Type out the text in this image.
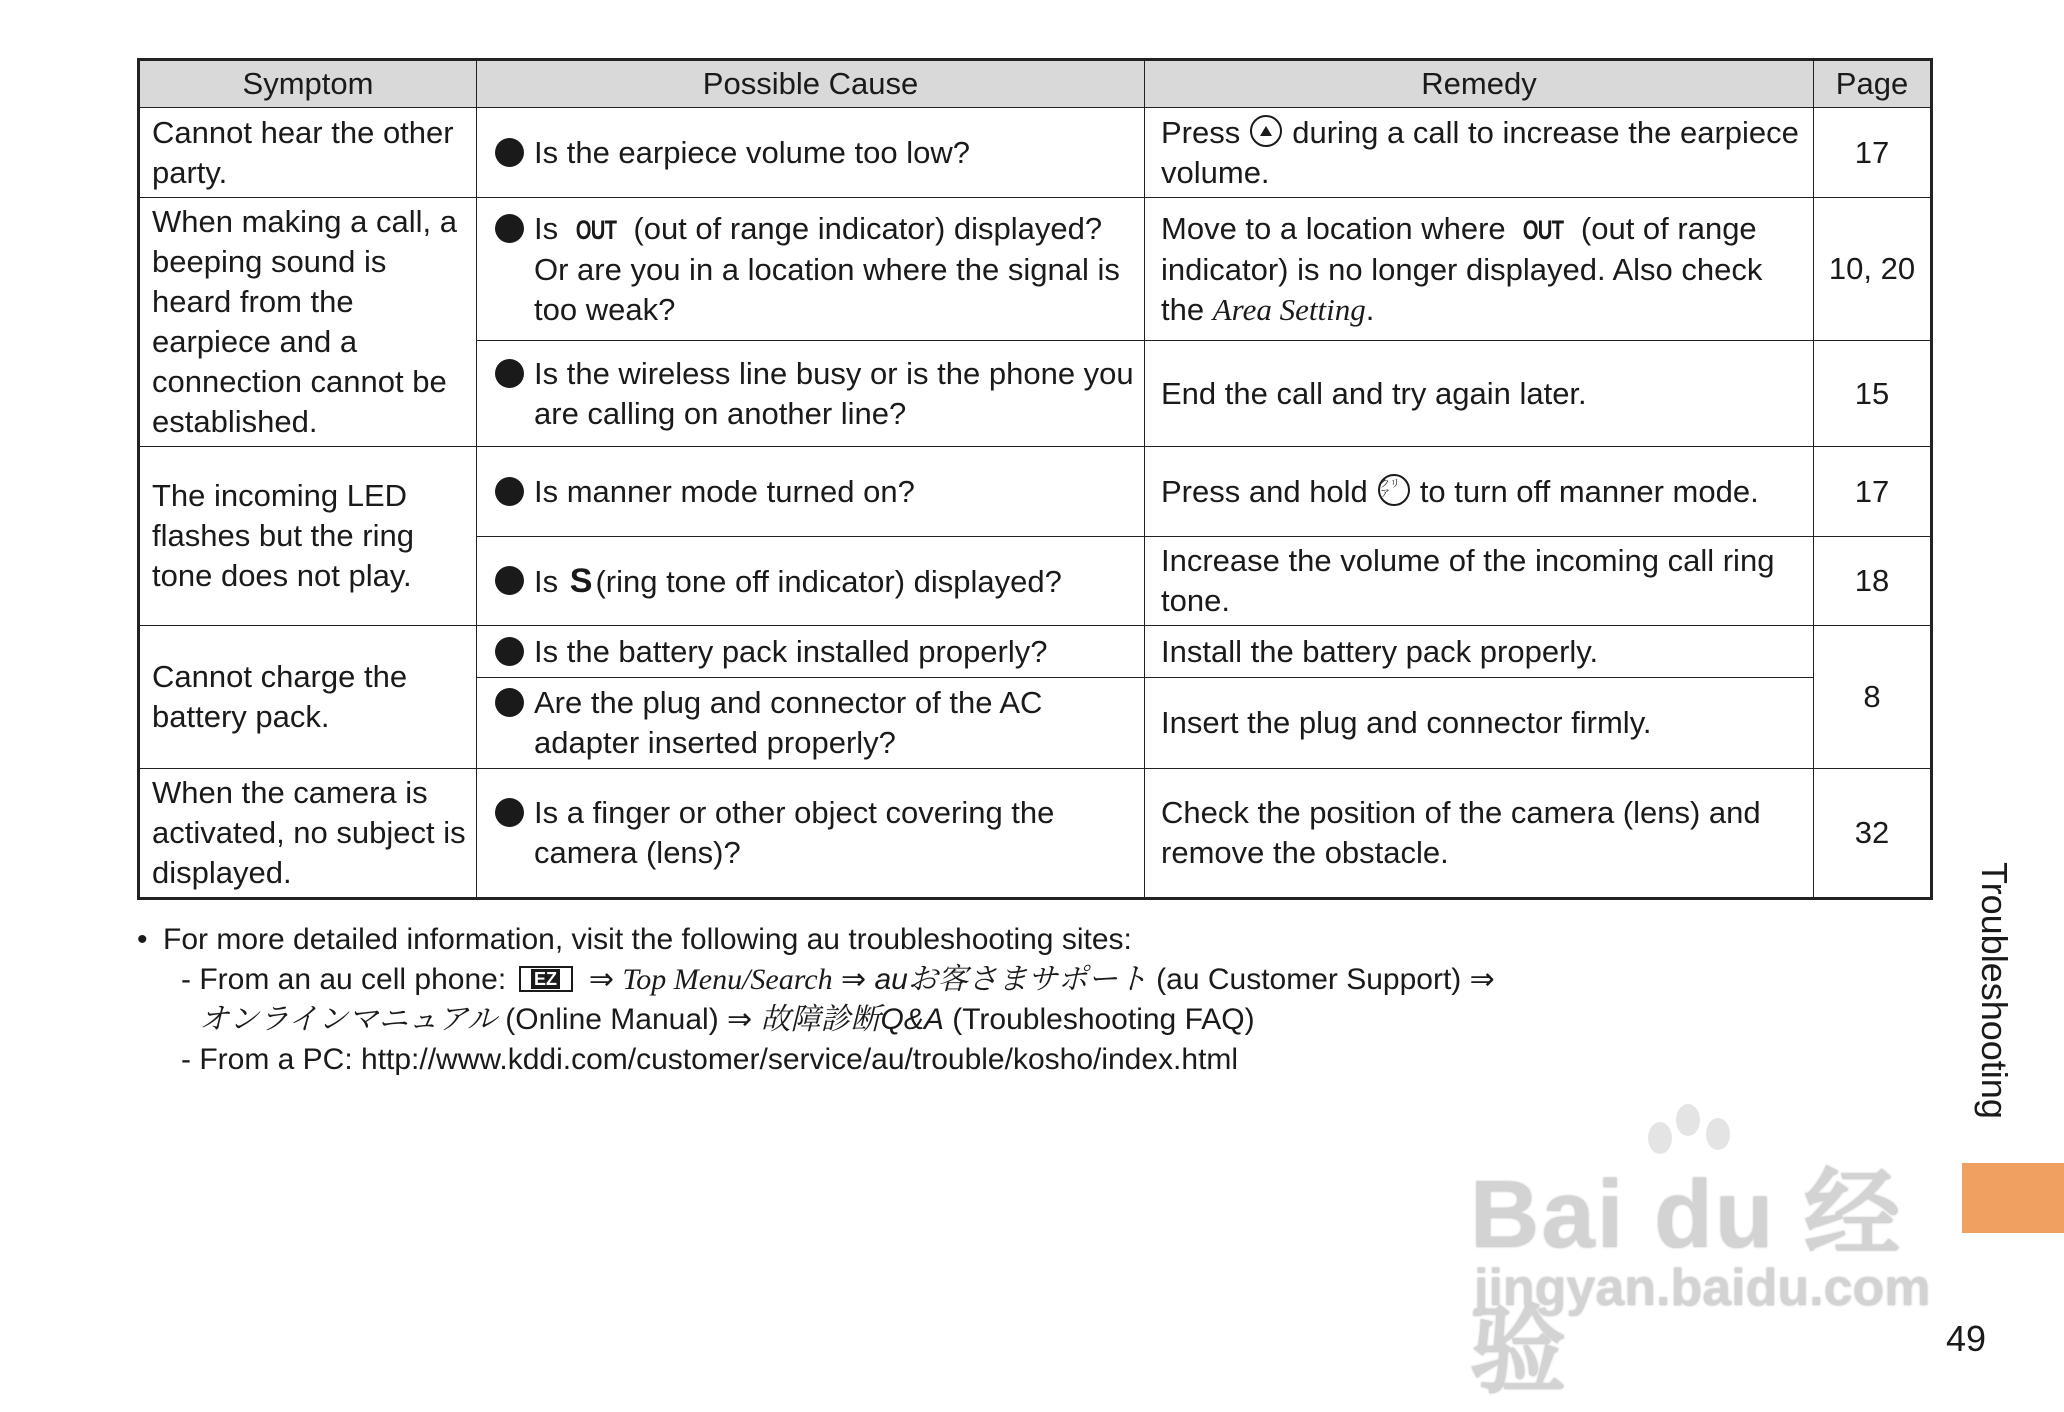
Symptom	Possible Cause	Remedy	Page
Cannot hear the other party.	Is the earpiece volume too low?	Press during a call to increase the earpiece volume.	17
When making a call, a beeping sound is heard from the earpiece and a connection cannot be established.	Is OUT (out of range indicator) displayed? Or are you in a location where the signal is too weak?	Move to a location where OUT (out of range indicator) is no longer displayed. Also check the Area Setting.	10, 20

	Is the wireless line busy or is the phone you are calling on another line?	End the call and try again later.	15
The incoming LED flashes but the ring tone does not play.	Is manner mode turned on?	Press and hold クリア to turn off manner mode.	17

	Is S(ring tone off indicator) displayed?	Increase the volume of the incoming call ring tone.	18
Cannot charge the battery pack.	Is the battery pack installed properly?	Install the battery pack properly.	8

	Are the plug and connector of the AC adapter inserted properly?	Insert the plug and connector firmly.	
When the camera is activated, no subject is displayed.	Is a finger or other object covering the camera (lens)?	Check the position of the camera (lens) and remove the obstacle.	32
• For more detailed information, visit the following au troubleshooting sites:
- From an au cell phone: EZ ⇒ Top Menu/Search ⇒ auお客さまサポート (au Customer Support) ⇒
オンラインマニュアル (Online Manual) ⇒ 故障診断Q&A (Troubleshooting FAQ)
- From a PC: http://www.kddi.com/customer/service/au/trouble/kosho/index.html	Troubleshooting
Bai du 经验
jingyan.baidu.com
49
